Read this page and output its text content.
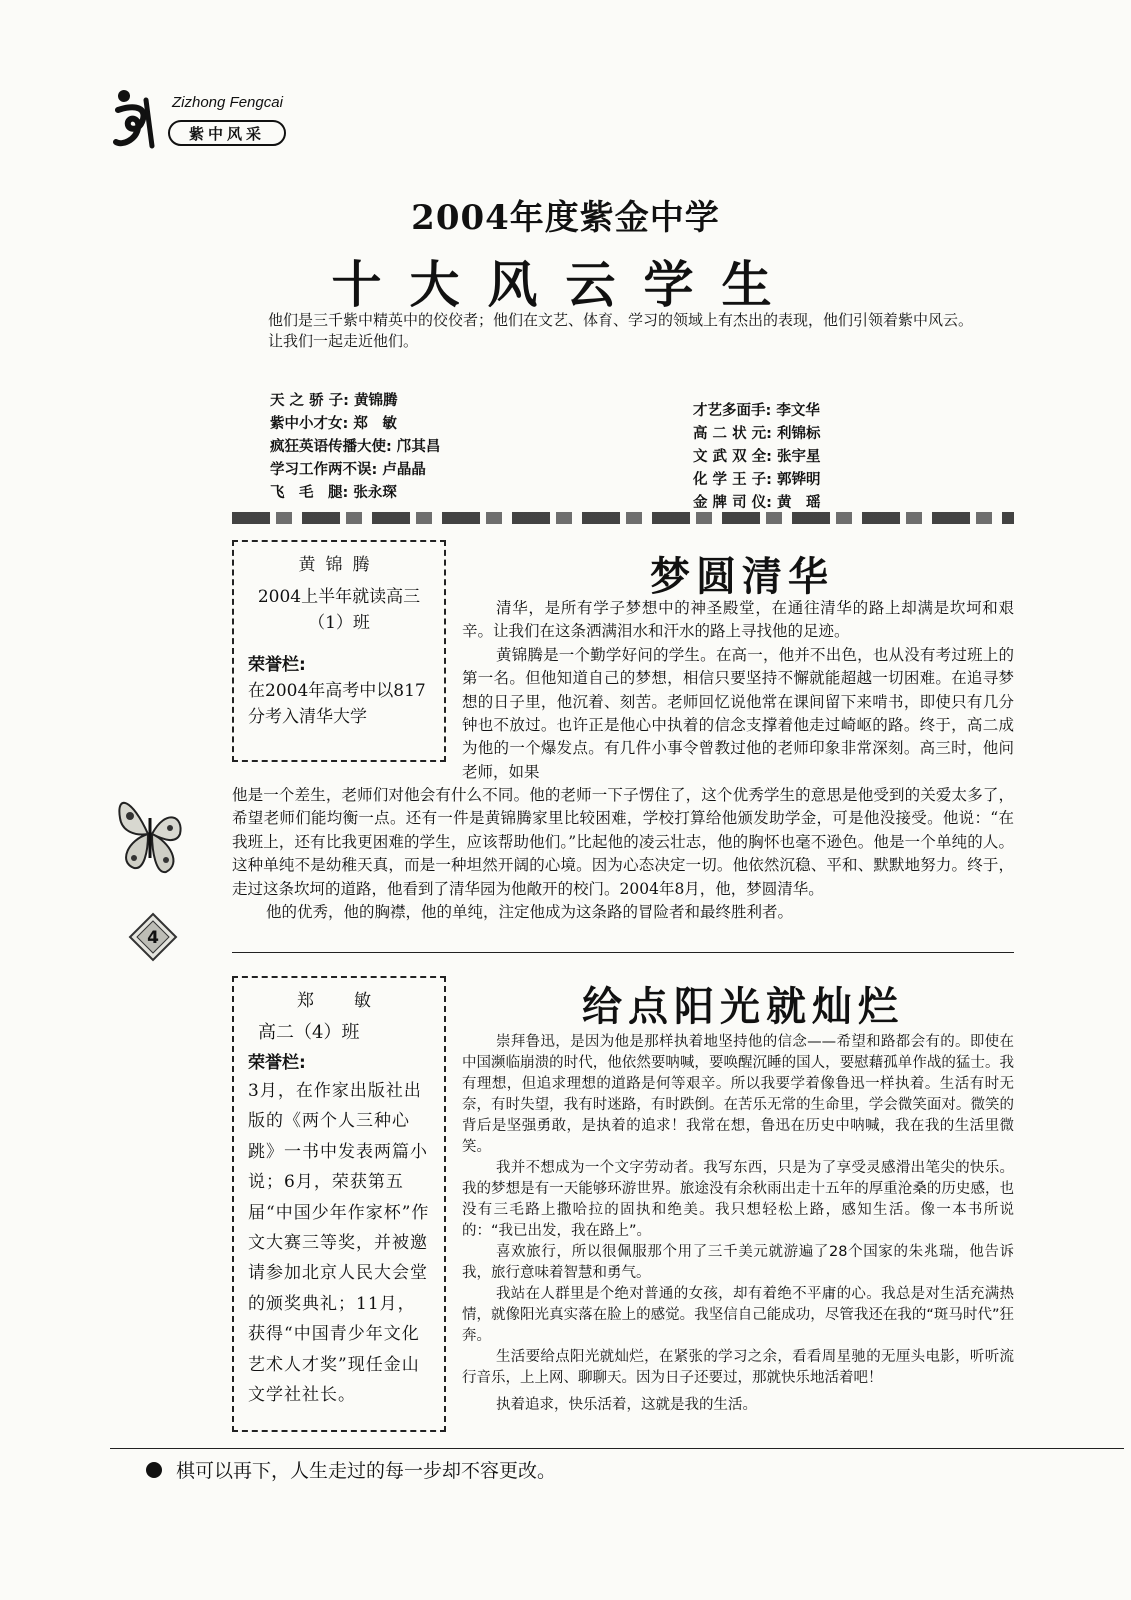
Zizhong Fengcai
紫中风采
2004年度紫金中学
十大风云学生

他们是三千紫中精英中的佼佼者；他们在文艺、体育、学习的领域上有杰出的表现，他们引领着紫中风云。

让我们一起走近他们。

天 之 骄 子: 黄锦腾
紫中小才女: 郑　敏
疯狂英语传播大使: 邝其昌
学习工作两不误: 卢晶晶
飞　毛　腿: 张永琛
才艺多面手: 李文华
高 二 状 元: 利锦标
文 武 双 全: 张宇星
化 学 王 子: 郭铧明
金 牌 司 仪: 黄　瑶
黄锦腾
2004上半年就读高三（1）班
荣誉栏:
在2004年高考中以817分考入清华大学
梦圆清华

清华，是所有学子梦想中的神圣殿堂，在通往清华的路上却满是坎坷和艰辛。让我们在这条洒满泪水和汗水的路上寻找他的足迹。

黄锦腾是一个勤学好问的学生。在高一，他并不出色，也从没有考过班上的第一名。但他知道自己的梦想，相信只要坚持不懈就能超越一切困难。在追寻梦想的日子里，他沉着、刻苦。老师回忆说他常在课间留下来啃书，即使只有几分钟也不放过。也许正是他心中执着的信念支撑着他走过崎岖的路。终于，高二成为他的一个爆发点。有几件小事令曾教过他的老师印象非常深刻。高三时，他问老师，如果

他是一个差生，老师们对他会有什么不同。他的老师一下子愣住了，这个优秀学生的意思是他受到的关爱太多了，希望老师们能均衡一点。还有一件是黄锦腾家里比较困难，学校打算给他颁发助学金，可是他没接受。他说：“在我班上，还有比我更困难的学生，应该帮助他们。”比起他的凌云壮志，他的胸怀也毫不逊色。他是一个单纯的人。这种单纯不是幼稚天真，而是一种坦然开阔的心境。因为心态决定一切。他依然沉稳、平和、默默地努力。终于，走过这条坎坷的道路，他看到了清华园为他敞开的校门。2004年8月，他，梦圆清华。

他的优秀，他的胸襟，他的单纯，注定他成为这条路的冒险者和最终胜利者。

4
郑敏
高二（4）班
荣誉栏:
3月，在作家出版社出版的《两个人三种心跳》一书中发表两篇小说；6月，荣获第五届“中国少年作家杯”作文大赛三等奖，并被邀请参加北京人民大会堂的颁奖典礼；11月，获得“中国青少年文化艺术人才奖”现任金山文学社社长。
给点阳光就灿烂

崇拜鲁迅，是因为他是那样执着地坚持他的信念——希望和路都会有的。即使在中国濒临崩溃的时代，他依然要呐喊，要唤醒沉睡的国人，要慰藉孤单作战的猛士。我有理想，但追求理想的道路是何等艰辛。所以我要学着像鲁迅一样执着。生活有时无奈，有时失望，我有时迷路，有时跌倒。在苦乐无常的生命里，学会微笑面对。微笑的背后是坚强勇敢，是执着的追求！我常在想，鲁迅在历史中呐喊，我在我的生活里微笑。

我并不想成为一个文字劳动者。我写东西，只是为了享受灵感滑出笔尖的快乐。我的梦想是有一天能够环游世界。旅途没有余秋雨出走十五年的厚重沧桑的历史感，也没有三毛路上撒哈拉的固执和绝美。我只想轻松上路，感知生活。像一本书所说的：“我已出发，我在路上”。

喜欢旅行，所以很佩服那个用了三千美元就游遍了28个国家的朱兆瑞，他告诉我，旅行意味着智慧和勇气。

我站在人群里是个绝对普通的女孩，却有着绝不平庸的心。我总是对生活充满热情，就像阳光真实落在脸上的感觉。我坚信自己能成功，尽管我还在我的“斑马时代”狂奔。

生活要给点阳光就灿烂，在紧张的学习之余，看看周星驰的无厘头电影，听听流行音乐，上上网、聊聊天。因为日子还要过，那就快乐地活着吧！

执着追求，快乐活着，这就是我的生活。

棋可以再下，人生走过的每一步却不容更改。
